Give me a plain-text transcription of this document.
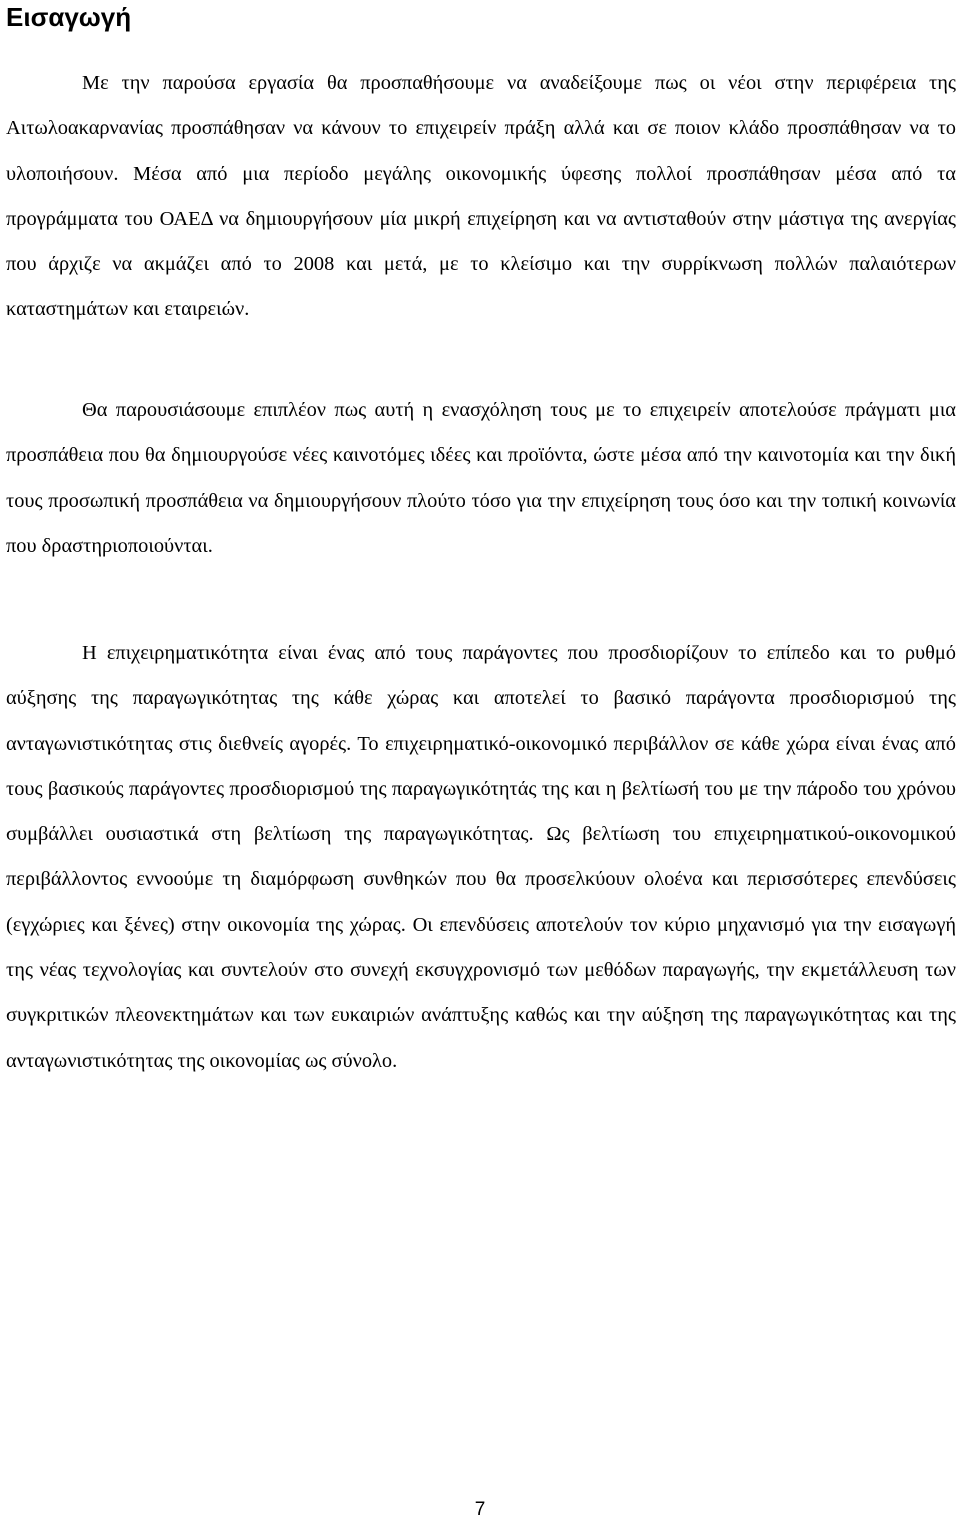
Εισαγωγή

Με την παρούσα εργασία θα προσπαθήσουμε να αναδείξουμε πως οι νέοι στην περιφέρεια της Αιτωλοακαρνανίας προσπάθησαν να κάνουν το επιχειρείν πράξη αλλά και σε ποιον κλάδο προσπάθησαν να το υλοποιήσουν. Μέσα από μια περίοδο μεγάλης οικονομικής ύφεσης πολλοί προσπάθησαν μέσα από τα προγράμματα του ΟΑΕΔ να δημιουργήσουν μία μικρή επιχείρηση και να αντισταθούν στην μάστιγα της ανεργίας που άρχιζε να ακμάζει από το 2008 και μετά, με το κλείσιμο και την συρρίκνωση πολλών παλαιότερων καταστημάτων και εταιρειών.

Θα παρουσιάσουμε επιπλέον πως αυτή η ενασχόληση τους με το επιχειρείν αποτελούσε πράγματι μια προσπάθεια που θα δημιουργούσε νέες καινοτόμες ιδέες και προϊόντα, ώστε μέσα από την καινοτομία και την δική τους προσωπική προσπάθεια να δημιουργήσουν πλούτο τόσο για την επιχείρηση τους όσο και την τοπική κοινωνία που δραστηριοποιούνται.

Η επιχειρηματικότητα είναι ένας από τους παράγοντες που προσδιορίζουν το επίπεδο και το ρυθμό αύξησης της παραγωγικότητας της κάθε χώρας και αποτελεί το βασικό παράγοντα προσδιορισμού της ανταγωνιστικότητας στις διεθνείς αγορές. Το επιχειρηματικό-οικονομικό περιβάλλον σε κάθε χώρα είναι ένας από τους βασικούς παράγοντες προσδιορισμού της παραγωγικότητάς της και η βελτίωσή του με την πάροδο του χρόνου συμβάλλει ουσιαστικά στη βελτίωση της παραγωγικότητας. Ως βελτίωση του επιχειρηματικού-οικονομικού περιβάλλοντος εννοούμε τη διαμόρφωση συνθηκών που θα προσελκύουν ολοένα και περισσότερες επενδύσεις (εγχώριες και ξένες) στην οικονομία της χώρας. Οι επενδύσεις αποτελούν τον κύριο μηχανισμό για την εισαγωγή της νέας τεχνολογίας και συντελούν στο συνεχή εκσυγχρονισμό των μεθόδων παραγωγής, την εκμετάλλευση των συγκριτικών πλεονεκτημάτων και των ευκαιριών ανάπτυξης καθώς και την αύξηση της παραγωγικότητας και της ανταγωνιστικότητας της οικονομίας ως σύνολο.

7
